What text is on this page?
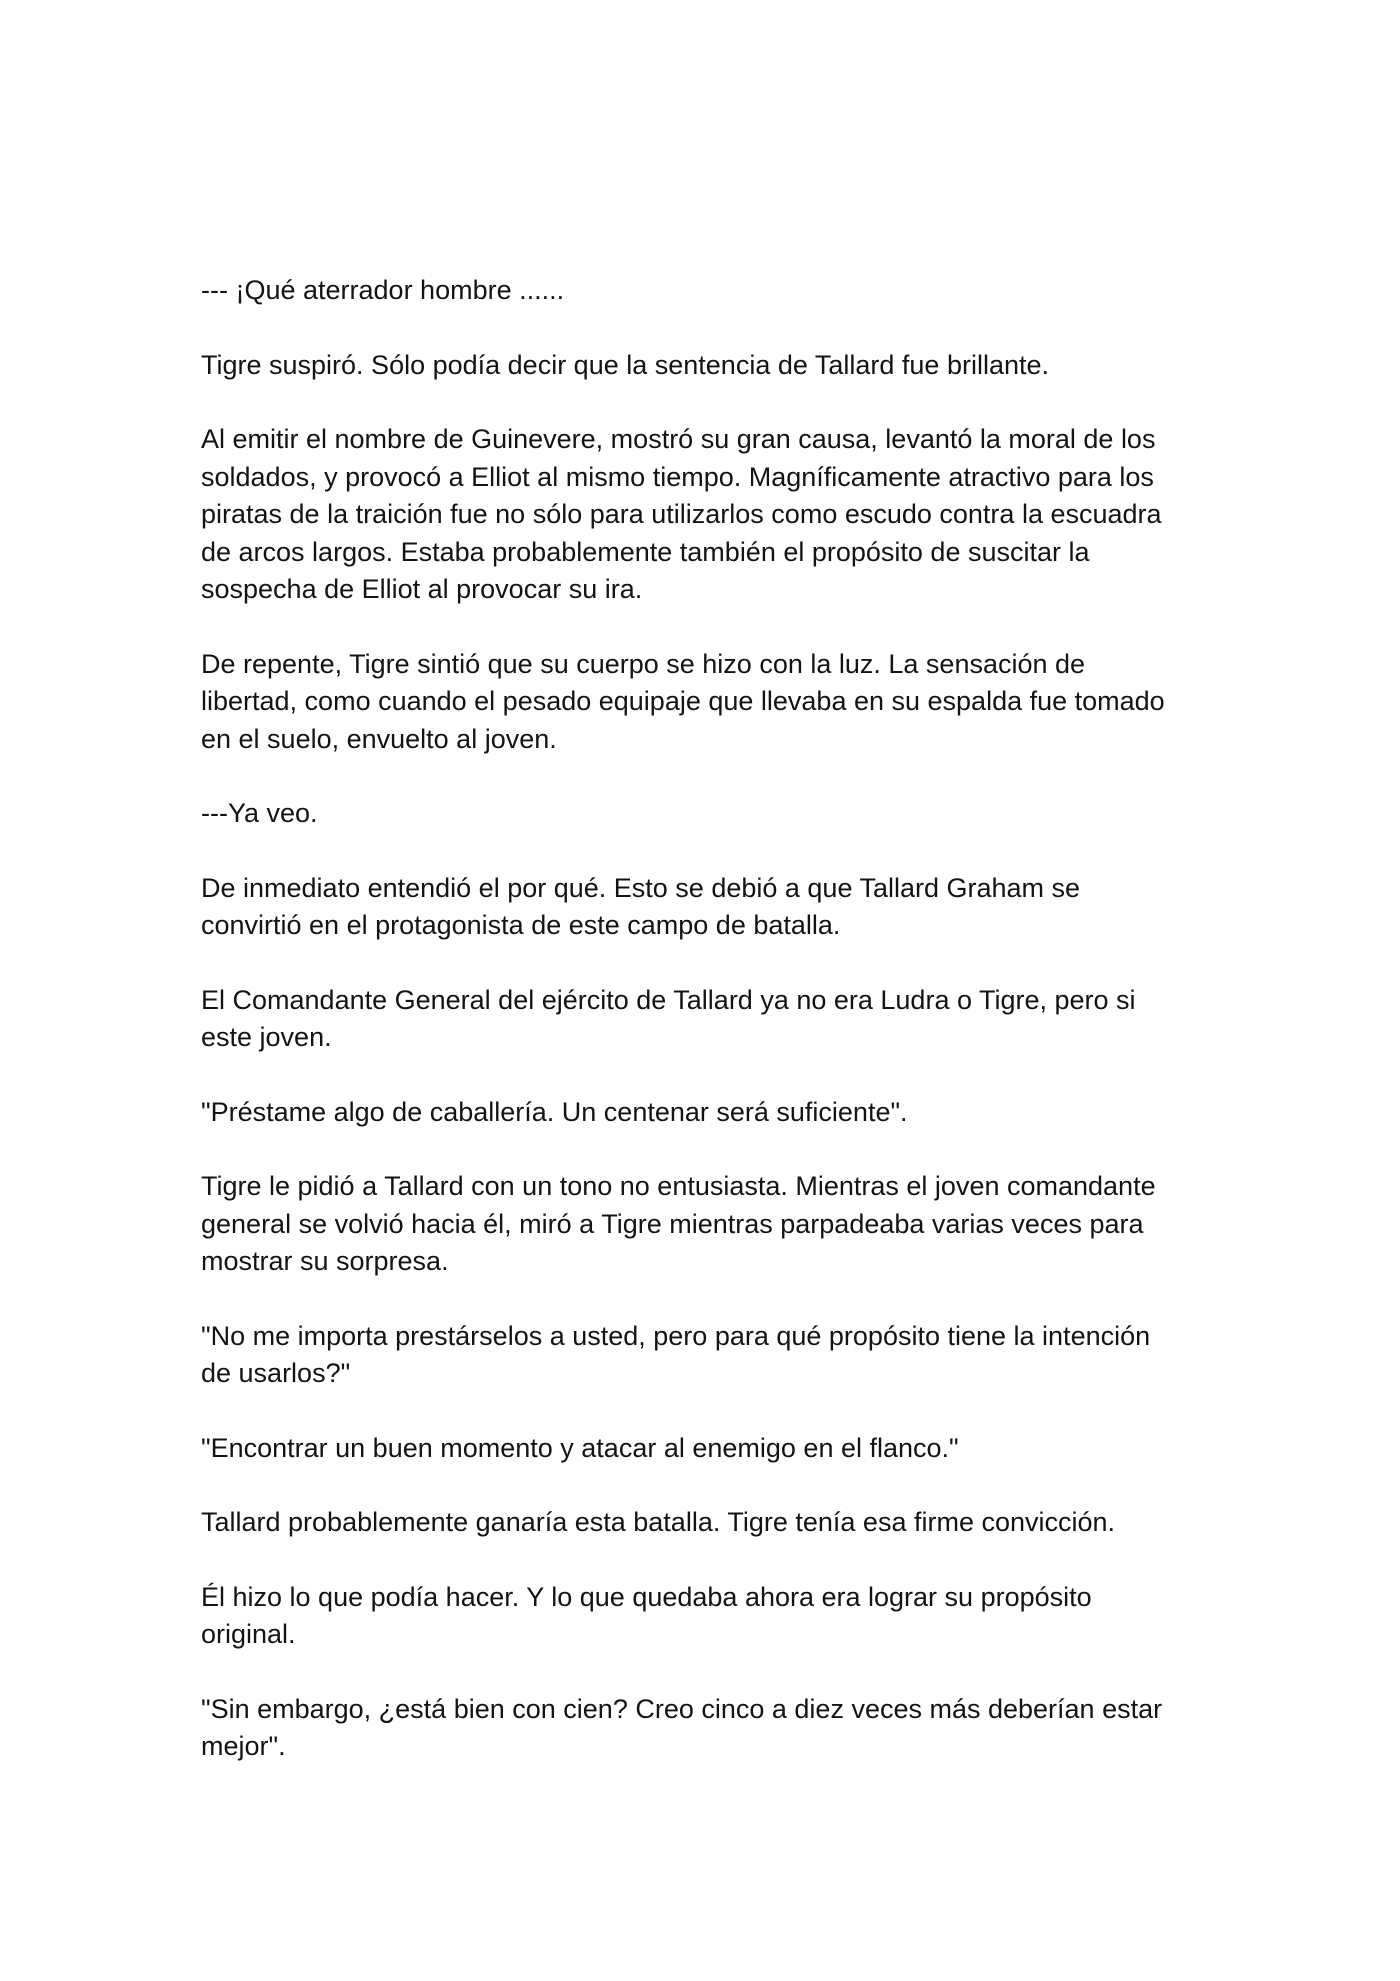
--- ¡Qué aterrador hombre ......

Tigre suspiró. Sólo podía decir que la sentencia de Tallard fue brillante.

Al emitir el nombre de Guinevere, mostró su gran causa, levantó la moral de los
soldados, y provocó a Elliot al mismo tiempo. Magníficamente atractivo para los
piratas de la traición fue no sólo para utilizarlos como escudo contra la escuadra
de arcos largos. Estaba probablemente también el propósito de suscitar la
sospecha de Elliot al provocar su ira.

De repente, Tigre sintió que su cuerpo se hizo con la luz. La sensación de
libertad, como cuando el pesado equipaje que llevaba en su espalda fue tomado
en el suelo, envuelto al joven.

---Ya veo.

De inmediato entendió el por qué. Esto se debió a que Tallard Graham se
convirtió en el protagonista de este campo de batalla.

El Comandante General del ejército de Tallard ya no era Ludra o Tigre, pero si
este joven.

"Préstame algo de caballería. Un centenar será suficiente".

Tigre le pidió a Tallard con un tono no entusiasta. Mientras el joven comandante
general se volvió hacia él, miró a Tigre mientras parpadeaba varias veces para
mostrar su sorpresa.

"No me importa prestárselos a usted, pero para qué propósito tiene la intención
de usarlos?"

"Encontrar un buen momento y atacar al enemigo en el flanco."

Tallard probablemente ganaría esta batalla. Tigre tenía esa firme convicción.

Él hizo lo que podía hacer. Y lo que quedaba ahora era lograr su propósito
original.

"Sin embargo, ¿está bien con cien? Creo cinco a diez veces más deberían estar
mejor".
